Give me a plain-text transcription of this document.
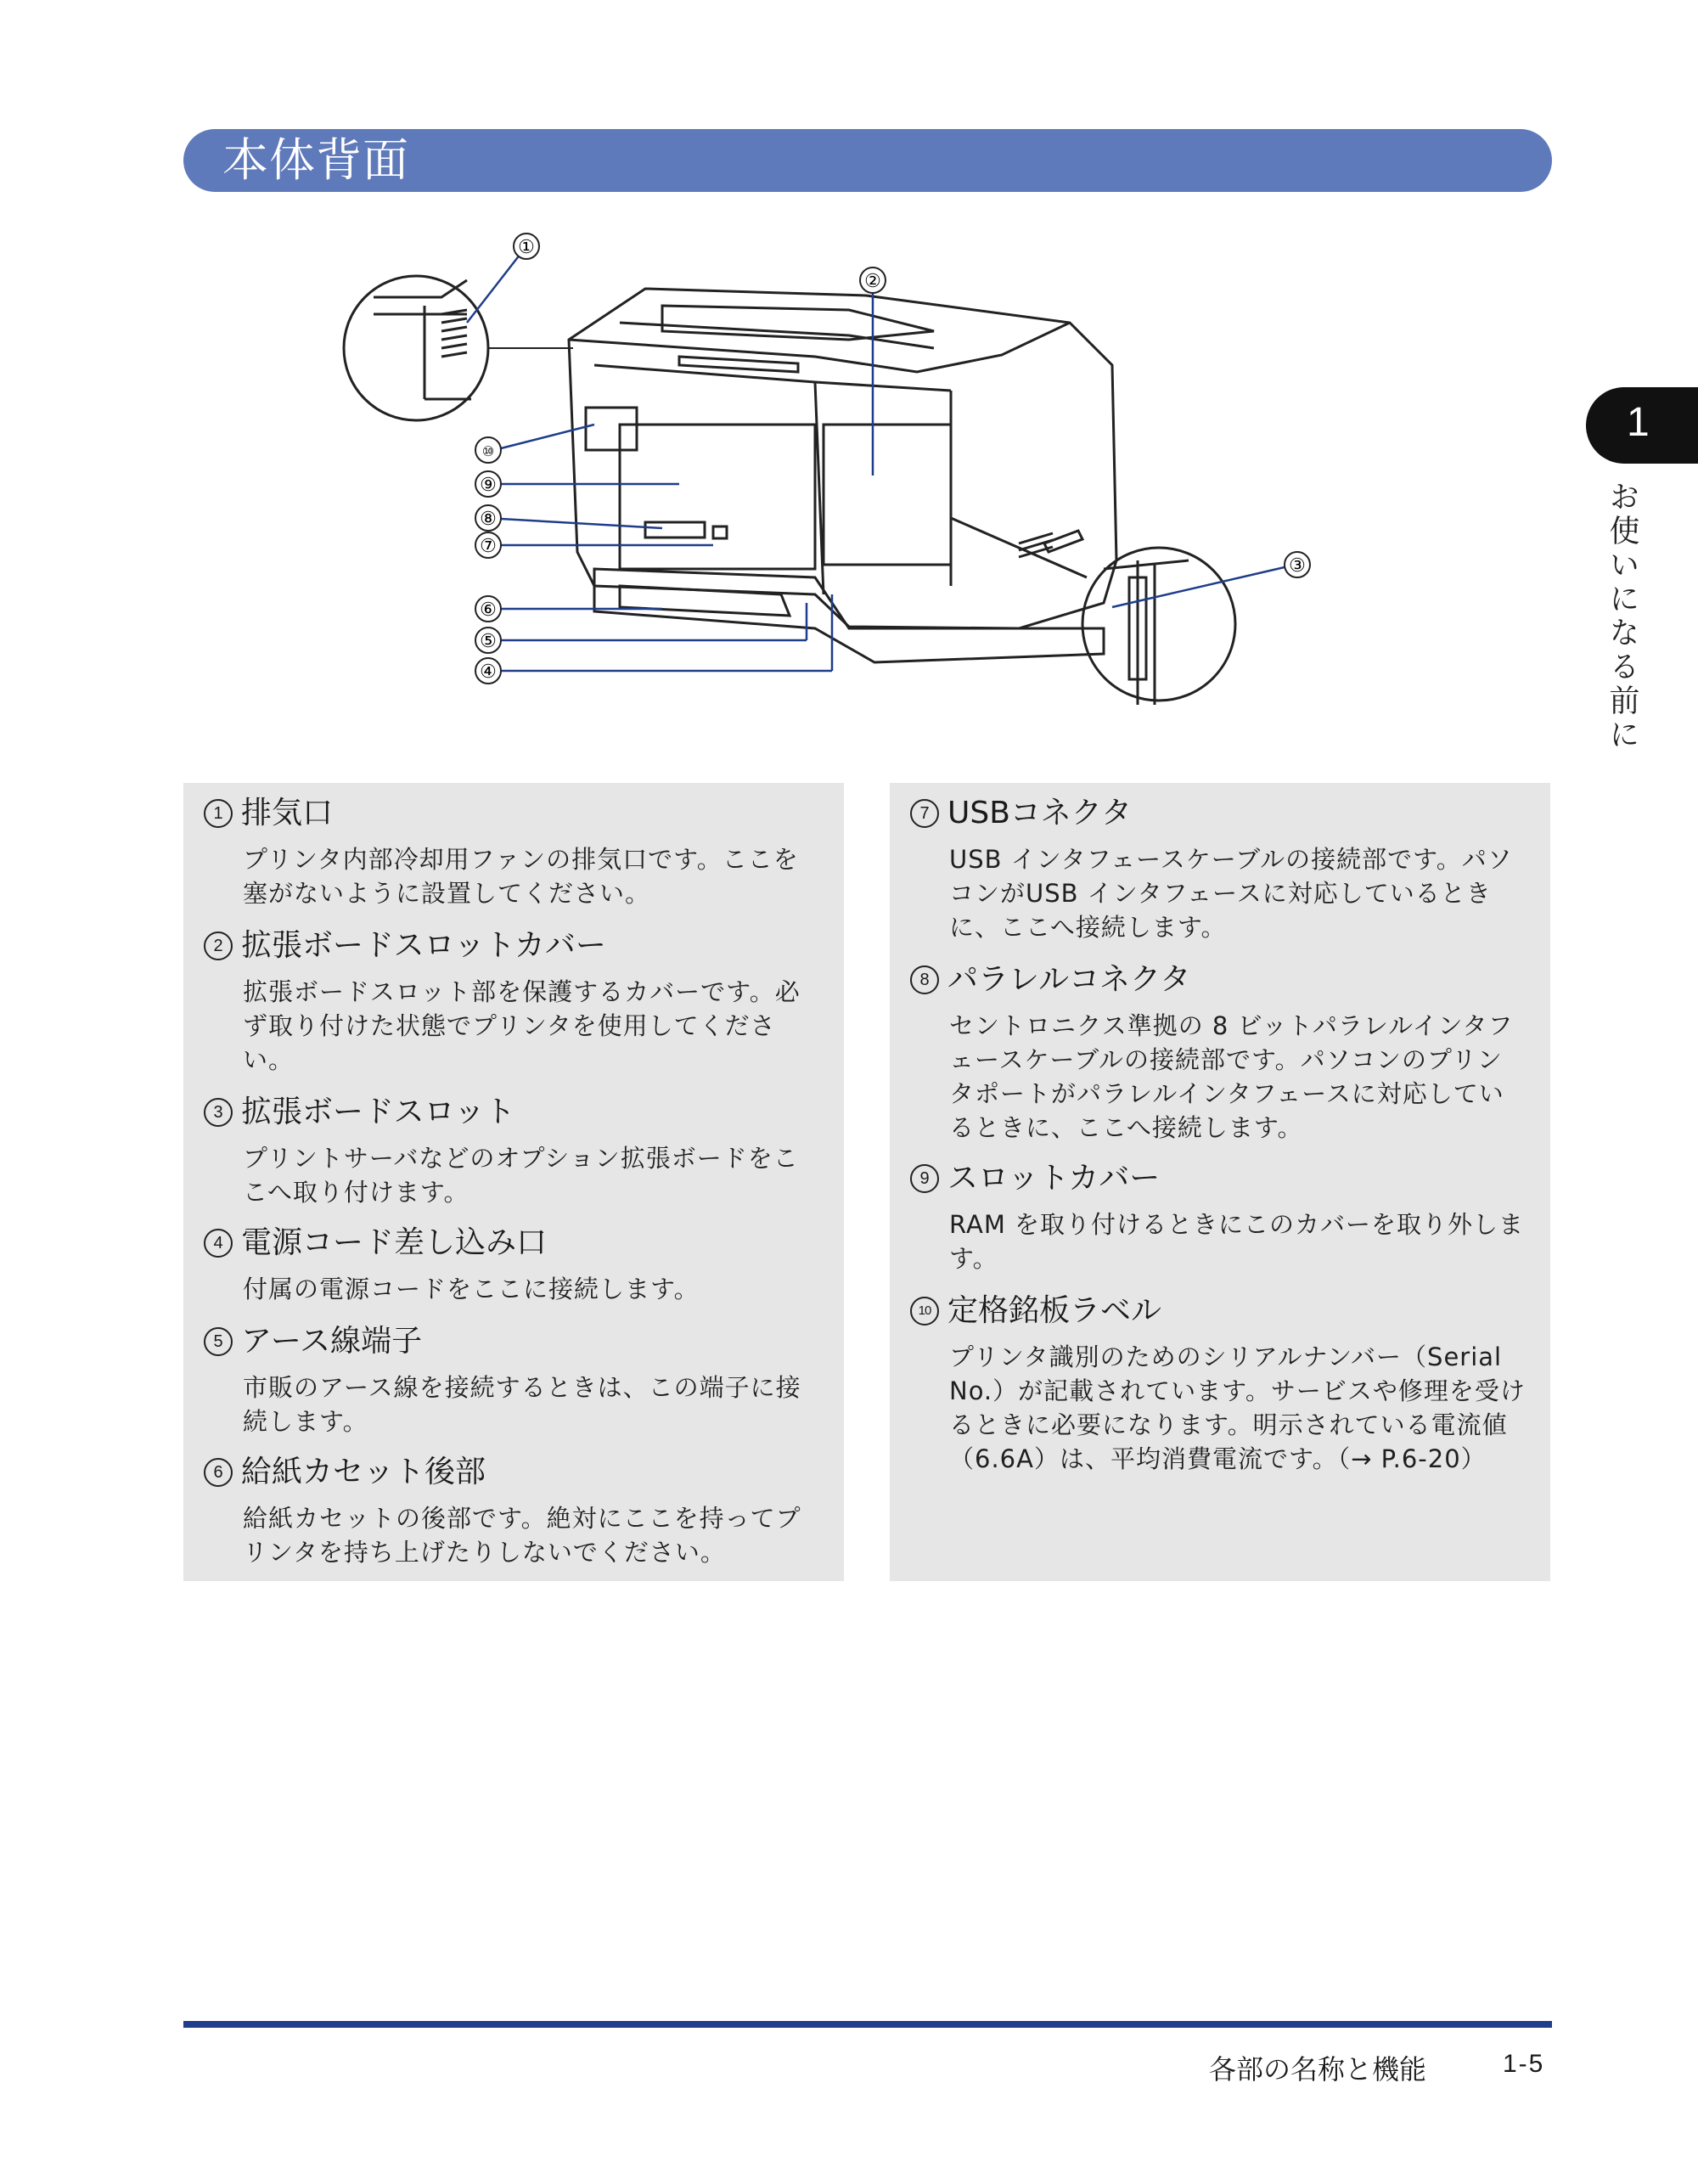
本体背面
1
お使いになる前に
①
②
③
④
⑤
⑥
⑦
⑧
⑨
⑩
1 排気口
プリンタ内部冷却用ファンの排気口です。ここを塞がないように設置してください。
2 拡張ボードスロットカバー
拡張ボードスロット部を保護するカバーです。必ず取り付けた状態でプリンタを使用してください。
3 拡張ボードスロット
プリントサーバなどのオプション拡張ボードをここへ取り付けます。
4 電源コード差し込み口
付属の電源コードをここに接続します。
5 アース線端子
市販のアース線を接続するときは、この端子に接続します。
6 給紙カセット後部
給紙カセットの後部です。絶対にここを持ってプリンタを持ち上げたりしないでください。
7 USBコネクタ
USB インタフェースケーブルの接続部です。パソコンがUSB インタフェースに対応しているときに、ここへ接続します。
8 パラレルコネクタ
セントロニクス準拠の 8 ビットパラレルインタフェースケーブルの接続部です。パソコンのプリンタポートがパラレルインタフェースに対応しているときに、ここへ接続します。
9 スロットカバー
RAM を取り付けるときにこのカバーを取り外します。
10 定格銘板ラベル
プリンタ識別のためのシリアルナンバー（Serial No.）が記載されています。サービスや修理を受けるときに必要になります。明示されている電流値（6.6A）は、平均消費電流です。（→ P.6-20）
各部の名称と機能	1-5
